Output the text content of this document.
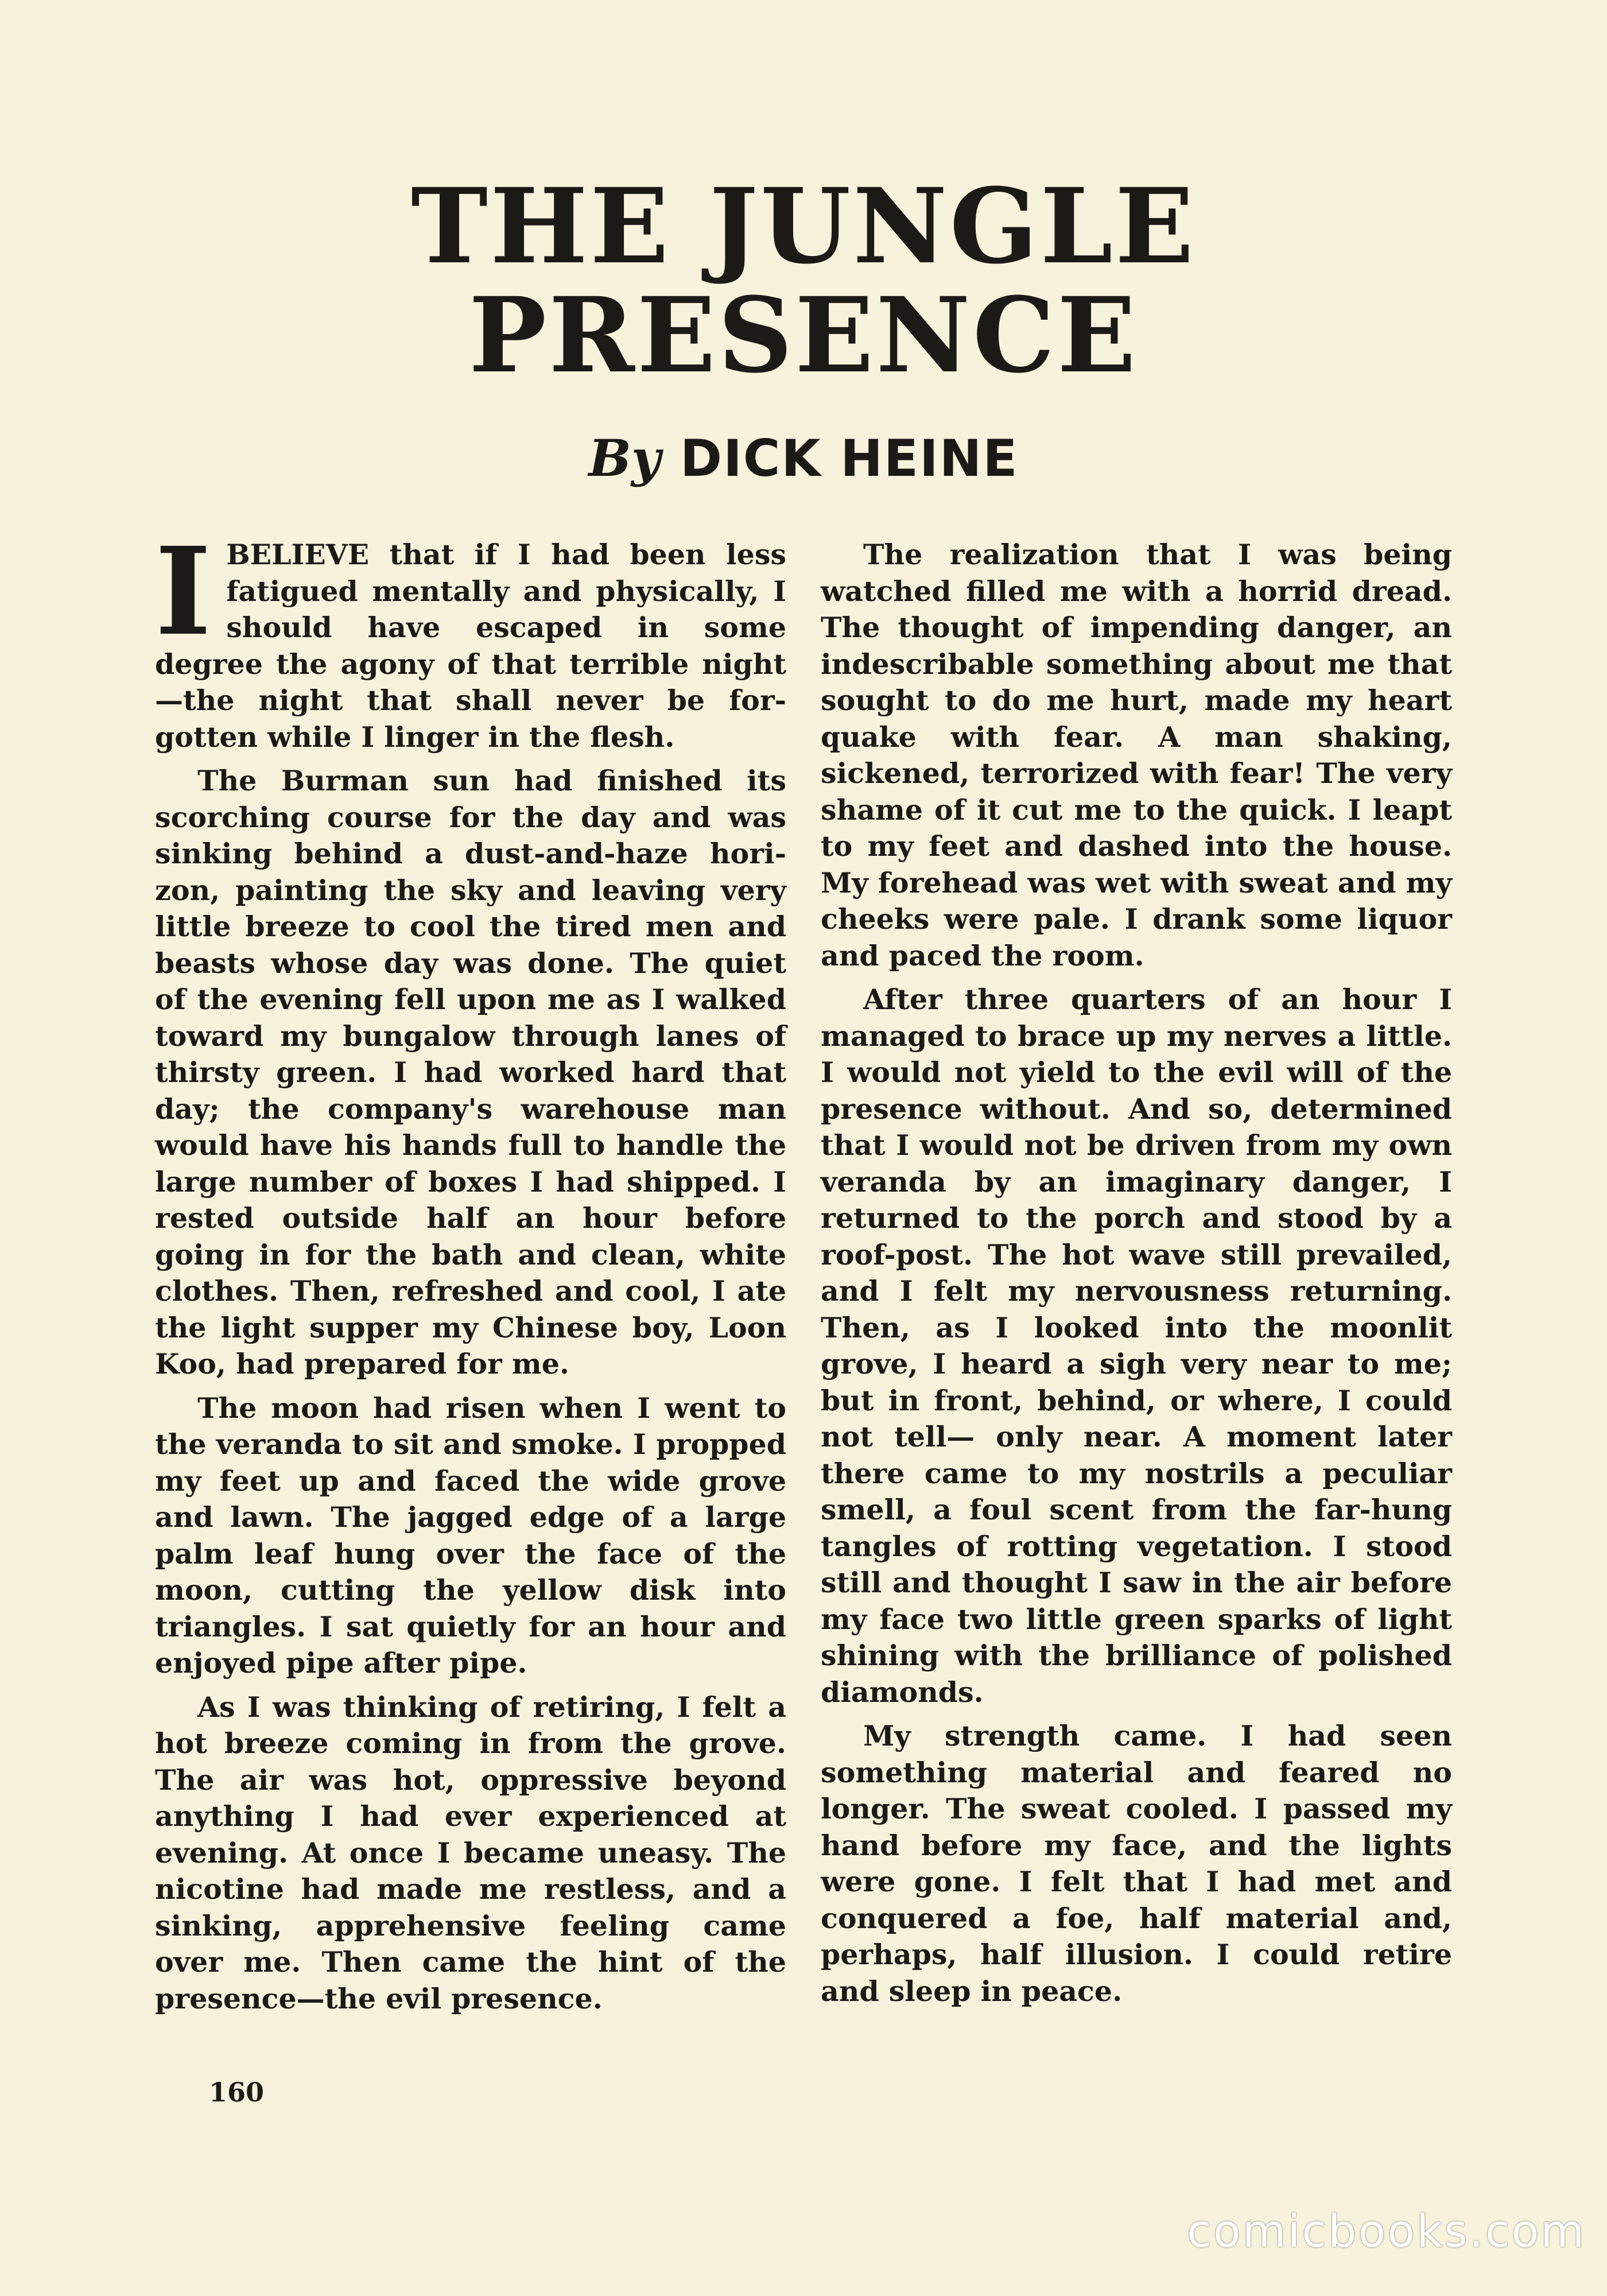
THE JUNGLE
PRESENCE
By DICK HEINE

I BELIEVE that if I had been less fatigued mentally and physically, I should have escaped in some degree the agony of that terrible night —the night that shall never be forgotten while I linger in the flesh.

The Burman sun had finished its scorching course for the day and was sinking behind a dust-and-haze horizon, painting the sky and leaving very little breeze to cool the tired men and beasts whose day was done. The quiet of the evening fell upon me as I walked toward my bungalow through lanes of thirsty green. I had worked hard that day; the company's warehouse man would have his hands full to handle the large number of boxes I had shipped. I rested outside half an hour before going in for the bath and clean, white clothes. Then, refreshed and cool, I ate the light supper my Chinese boy, Loon Koo, had prepared for me.

The moon had risen when I went to the veranda to sit and smoke. I propped my feet up and faced the wide grove and lawn. The jagged edge of a large palm leaf hung over the face of the moon, cutting the yellow disk into triangles. I sat quietly for an hour and enjoyed pipe after pipe.

As I was thinking of retiring, I felt a hot breeze coming in from the grove. The air was hot, oppressive beyond anything I had ever experienced at evening. At once I became uneasy. The nicotine had made me restless, and a sinking, apprehensive feeling came over me. Then came the hint of the presence—the evil presence.

The realization that I was being watched filled me with a horrid dread. The thought of impending danger, an indescribable something about me that sought to do me hurt, made my heart quake with fear. A man shaking, sickened, terrorized with fear! The very shame of it cut me to the quick. I leapt to my feet and dashed into the house. My forehead was wet with sweat and my cheeks were pale. I drank some liquor and paced the room.

After three quarters of an hour I managed to brace up my nerves a little. I would not yield to the evil will of the presence without. And so, determined that I would not be driven from my own veranda by an imaginary danger, I returned to the porch and stood by a roof-post. The hot wave still prevailed, and I felt my nervousness returning. Then, as I looked into the moonlit grove, I heard a sigh very near to me; but in front, behind, or where, I could not tell— only near. A moment later there came to my nostrils a peculiar smell, a foul scent from the far-hung tangles of rotting vegetation. I stood still and thought I saw in the air before my face two little green sparks of light shining with the brilliance of polished diamonds.

My strength came. I had seen something material and feared no longer. The sweat cooled. I passed my hand before my face, and the lights were gone. I felt that I had met and conquered a foe, half material and, perhaps, half illusion. I could retire and sleep in peace.

160
comicbooks.com
